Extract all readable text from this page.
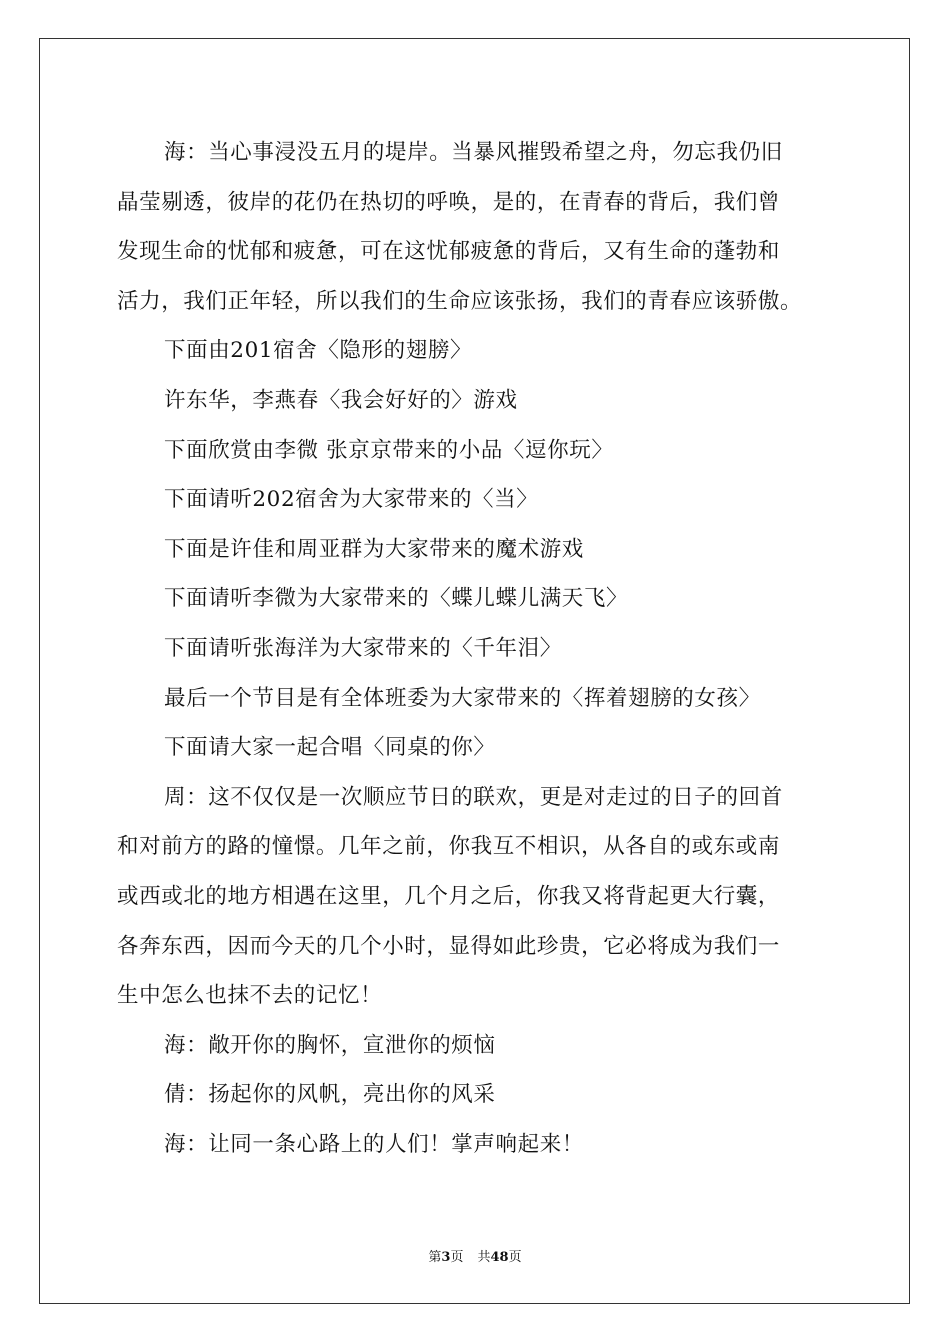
海：当心事浸没五月的堤岸。当暴风摧毁希望之舟，勿忘我仍旧
晶莹剔透，彼岸的花仍在热切的呼唤，是的，在青春的背后，我们曾
发现生命的忧郁和疲惫，可在这忧郁疲惫的背后，又有生命的蓬勃和
活力，我们正年轻，所以我们的生命应该张扬，我们的青春应该骄傲。
下面由201宿舍〈隐形的翅膀〉
许东华，李燕春〈我会好好的〉游戏
下面欣赏由李微 张京京带来的小品〈逗你玩〉
下面请听202宿舍为大家带来的〈当〉
下面是许佳和周亚群为大家带来的魔术游戏
下面请听李微为大家带来的〈蝶儿蝶儿满天飞〉
下面请听张海洋为大家带来的〈千年泪〉
最后一个节目是有全体班委为大家带来的〈挥着翅膀的女孩〉
下面请大家一起合唱〈同桌的你〉
周：这不仅仅是一次顺应节日的联欢，更是对走过的日子的回首
和对前方的路的憧憬。几年之前，你我互不相识，从各自的或东或南
或西或北的地方相遇在这里，几个月之后，你我又将背起更大行囊，
各奔东西，因而今天的几个小时，显得如此珍贵，它必将成为我们一
生中怎么也抹不去的记忆！
海：敞开你的胸怀，宣泄你的烦恼
倩：扬起你的风帆，亮出你的风采
海：让同一条心路上的人们！掌声响起来！
第3页 共48页
